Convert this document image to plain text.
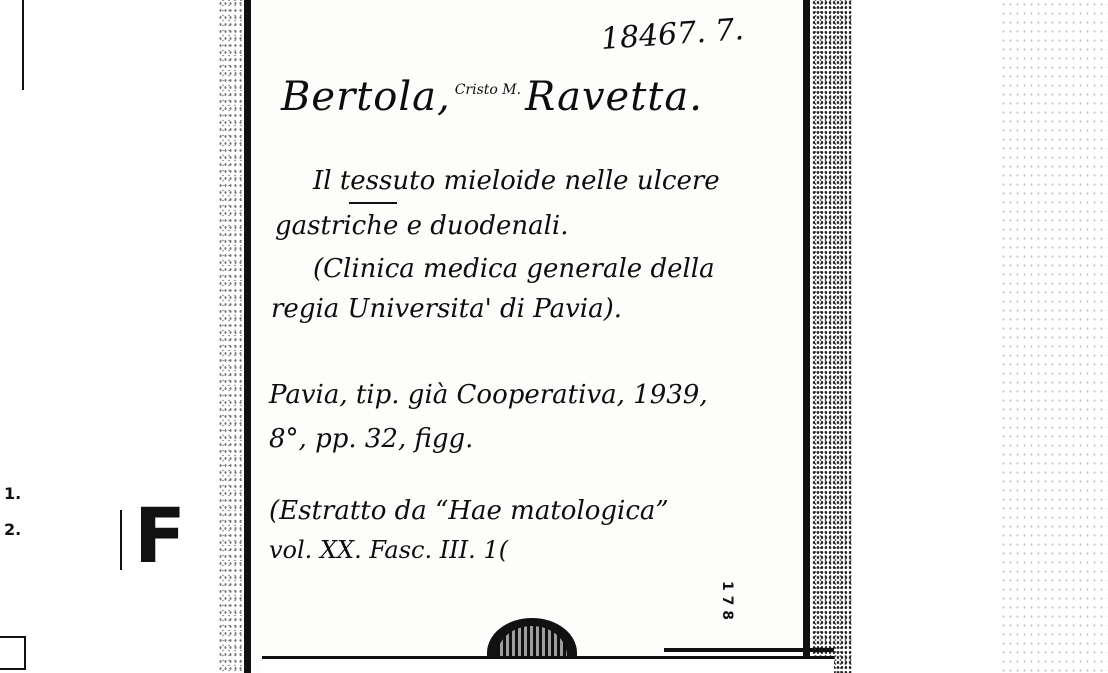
1.
2. F
18467. 7.
Bertola, Cristo M. Ravetta.
Il tessuto mieloide nelle ulcere
gastriche e duodenali.
(Clinica medica generale della
regia Universita' di Pavia).
Pavia, tip. già Cooperativa, 1939,
8°, pp. 32, figg.
(Estratto da “Hae matologica”
vol. XX. Fasc. III. 1(
1 7 8
